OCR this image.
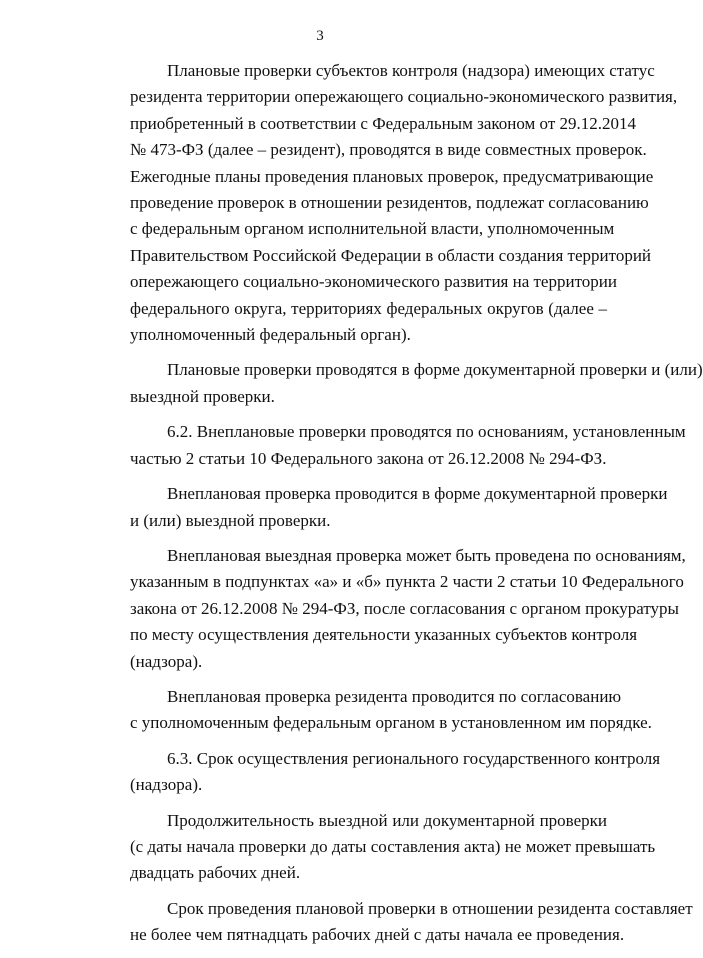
3
Плановые проверки субъектов контроля (надзора) имеющих статус
резидента территории опережающего социально-экономического развития,
приобретенный в соответствии с Федеральным законом от 29.12.2014
№ 473-ФЗ (далее – резидент), проводятся в виде совместных проверок.
Ежегодные планы проведения плановых проверок, предусматривающие
проведение проверок в отношении резидентов, подлежат согласованию
с федеральным органом исполнительной власти, уполномоченным
Правительством Российской Федерации в области создания территорий
опережающего социально-экономического развития на территории
федерального округа, территориях федеральных округов (далее –
уполномоченный федеральный орган).
Плановые проверки проводятся в форме документарной проверки и (или)
выездной проверки.
6.2. Внеплановые проверки проводятся по основаниям, установленным
частью 2 статьи 10 Федерального закона от 26.12.2008 № 294-ФЗ.
Внеплановая проверка проводится в форме документарной проверки
и (или) выездной проверки.
Внеплановая выездная проверка может быть проведена по основаниям,
указанным в подпунктах «а» и «б» пункта 2 части 2 статьи 10 Федерального
закона от 26.12.2008 № 294-ФЗ, после согласования с органом прокуратуры
по месту осуществления деятельности указанных субъектов контроля
(надзора).
Внеплановая проверка резидента проводится по согласованию
с уполномоченным федеральным органом в установленном им порядке.
6.3. Срок осуществления регионального государственного контроля
(надзора).
Продолжительность выездной или документарной проверки
(с даты начала проверки до даты составления акта) не может превышать
двадцать рабочих дней.
Срок проведения плановой проверки в отношении резидента составляет
не более чем пятнадцать рабочих дней с даты начала ее проведения.
